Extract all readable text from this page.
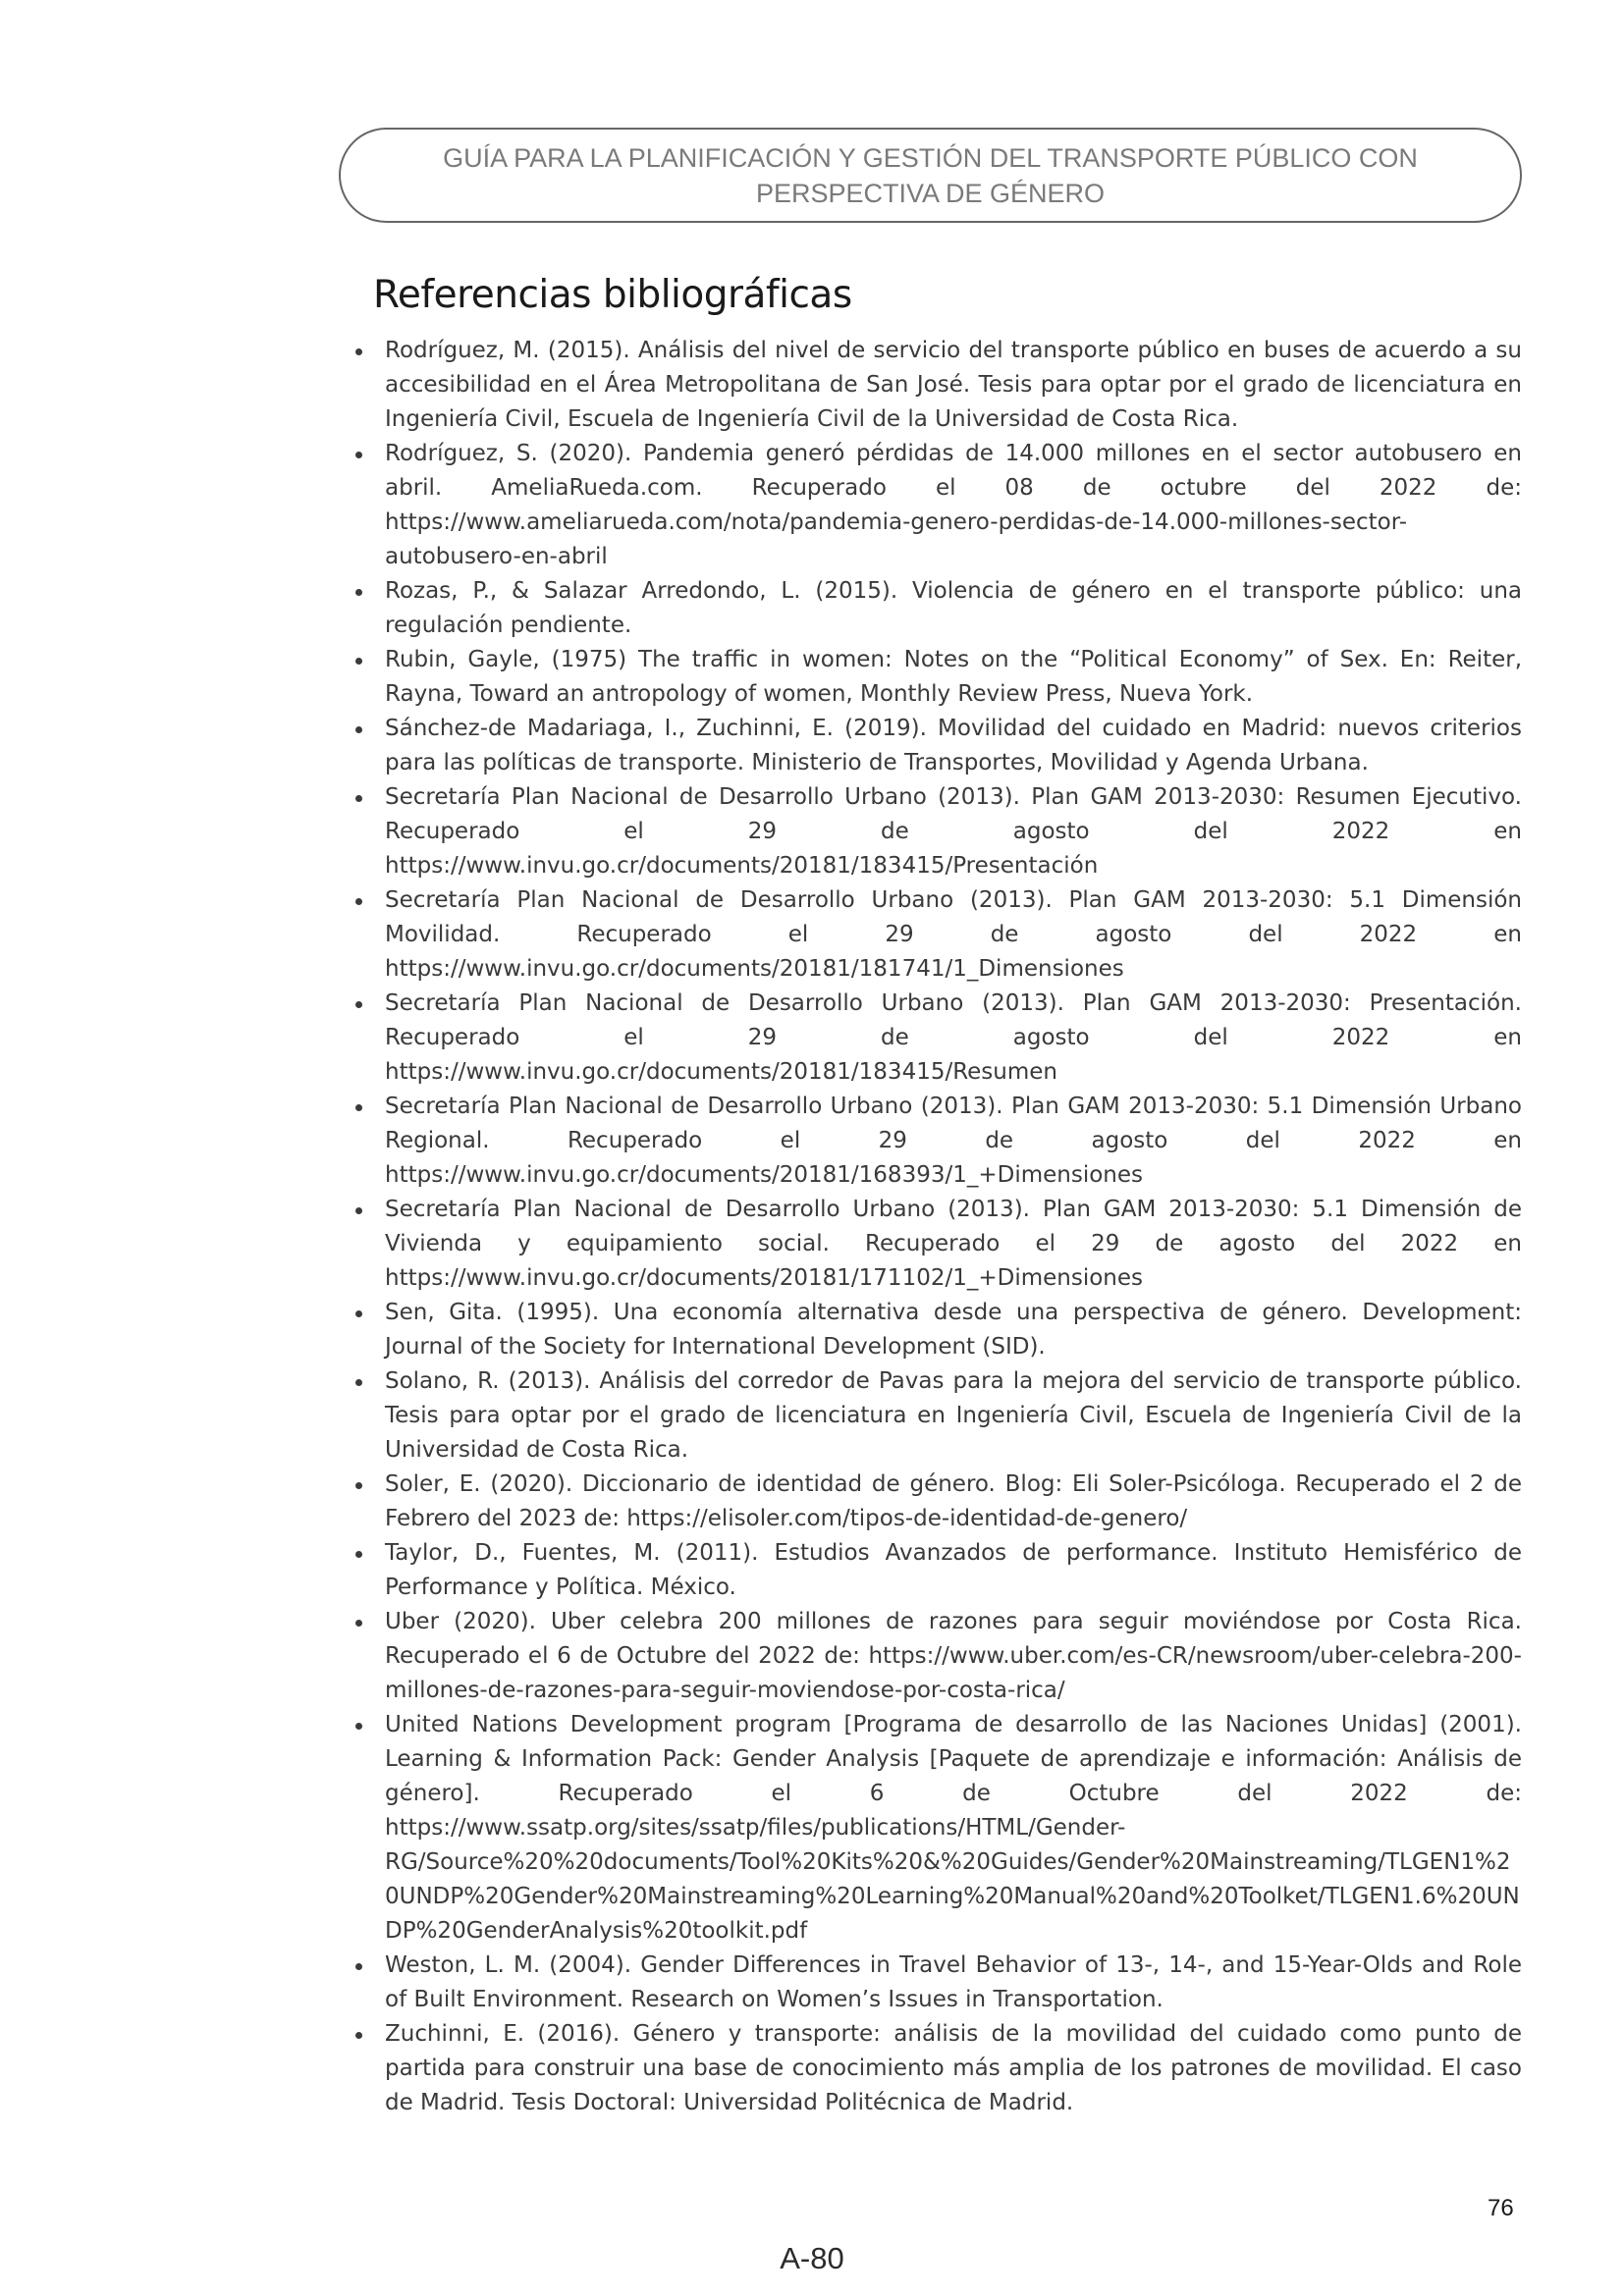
GUÍA PARA LA PLANIFICACIÓN Y GESTIÓN DEL TRANSPORTE PÚBLICO CON
PERSPECTIVA DE GÉNERO
Referencias bibliográficas
Rodríguez, M. (2015). Análisis del nivel de servicio del transporte público en buses de acuerdo a su accesibilidad en el Área Metropolitana de San José. Tesis para optar por el grado de licenciatura en Ingeniería Civil, Escuela de Ingeniería Civil de la Universidad de Costa Rica.
Rodríguez, S. (2020). Pandemia generó pérdidas de 14.000 millones en el sector autobusero en abril. AmeliaRueda.com. Recuperado el 08 de octubre del 2022 de: https://www.ameliarueda.com/nota/pandemia-genero-perdidas-de-14.000-millones-sector-autobusero-en-abril
Rozas, P., & Salazar Arredondo, L. (2015). Violencia de género en el transporte público: una regulación pendiente.
Rubin, Gayle, (1975) The traffic in women: Notes on the “Political Economy” of Sex. En: Reiter, Rayna, Toward an antropology of women, Monthly Review Press, Nueva York.
Sánchez-de Madariaga, I., Zuchinni, E. (2019). Movilidad del cuidado en Madrid: nuevos criterios para las políticas de transporte. Ministerio de Transportes, Movilidad y Agenda Urbana.
Secretaría Plan Nacional de Desarrollo Urbano (2013). Plan GAM 2013-2030: Resumen Ejecutivo. Recuperado el 29 de agosto del 2022 en https://www.invu.go.cr/documents/20181/183415/Presentación
Secretaría Plan Nacional de Desarrollo Urbano (2013). Plan GAM 2013-2030: 5.1 Dimensión Movilidad. Recuperado el 29 de agosto del 2022 en https://www.invu.go.cr/documents/20181/181741/1_Dimensiones
Secretaría Plan Nacional de Desarrollo Urbano (2013). Plan GAM 2013-2030: Presentación. Recuperado el 29 de agosto del 2022 en https://www.invu.go.cr/documents/20181/183415/Resumen
Secretaría Plan Nacional de Desarrollo Urbano (2013). Plan GAM 2013-2030: 5.1 Dimensión Urbano Regional. Recuperado el 29 de agosto del 2022 en https://www.invu.go.cr/documents/20181/168393/1_+Dimensiones
Secretaría Plan Nacional de Desarrollo Urbano (2013). Plan GAM 2013-2030: 5.1 Dimensión de Vivienda y equipamiento social. Recuperado el 29 de agosto del 2022 en https://www.invu.go.cr/documents/20181/171102/1_+Dimensiones
Sen, Gita. (1995). Una economía alternativa desde una perspectiva de género. Development: Journal of the Society for International Development (SID).
Solano, R. (2013). Análisis del corredor de Pavas para la mejora del servicio de transporte público. Tesis para optar por el grado de licenciatura en Ingeniería Civil, Escuela de Ingeniería Civil de la Universidad de Costa Rica.
Soler, E. (2020). Diccionario de identidad de género. Blog: Eli Soler-Psicóloga. Recuperado el 2 de Febrero del 2023 de: https://elisoler.com/tipos-de-identidad-de-genero/
Taylor, D., Fuentes, M. (2011). Estudios Avanzados de performance. Instituto Hemisférico de Performance y Política. México.
Uber (2020). Uber celebra 200 millones de razones para seguir moviéndose por Costa Rica. Recuperado el 6 de Octubre del 2022 de: https://www.uber.com/es-CR/newsroom/uber-celebra-200-millones-de-razones-para-seguir-moviendose-por-costa-rica/
United Nations Development program [Programa de desarrollo de las Naciones Unidas] (2001). Learning & Information Pack: Gender Analysis [Paquete de aprendizaje e información: Análisis de género]. Recuperado el 6 de Octubre del 2022 de: https://www.ssatp.org/sites/ssatp/files/publications/HTML/Gender-RG/Source%20%20documents/Tool%20Kits%20&%20Guides/Gender%20Mainstreaming/TLGEN1%20UNDP%20Gender%20Mainstreaming%20Learning%20Manual%20and%20Toolket/TLGEN1.6%20UNDP%20GenderAnalysis%20toolkit.pdf
Weston, L. M. (2004). Gender Differences in Travel Behavior of 13-, 14-, and 15-Year-Olds and Role of Built Environment. Research on Women’s Issues in Transportation.
Zuchinni, E. (2016). Género y transporte: análisis de la movilidad del cuidado como punto de partida para construir una base de conocimiento más amplia de los patrones de movilidad. El caso de Madrid. Tesis Doctoral: Universidad Politécnica de Madrid.
76
A-80
